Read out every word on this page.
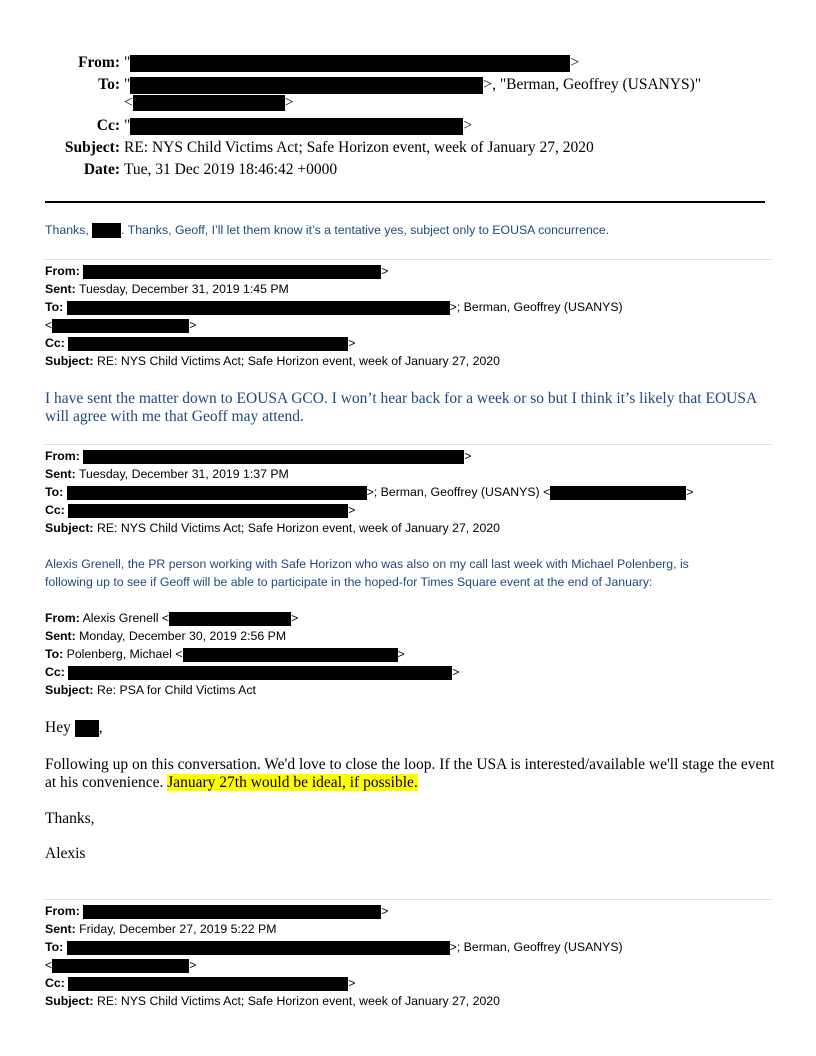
From: "	>
To: "	>, "Berman, Geoffrey (USANYS)"
<	>
Cc: "	>
Subject: RE: NYS Child Victims Act; Safe Horizon event, week of January 27, 2020
Date: Tue, 31 Dec 2019 18:46:42 +0000
Thanks,	. Thanks, Geoff, I’ll let them know it’s a tentative yes, subject only to EOUSA concurrence.
From:	>
Sent: Tuesday, December 31, 2019 1:45 PM
To:	>; Berman, Geoffrey (USANYS)
<	>
Cc:	>
Subject: RE: NYS Child Victims Act; Safe Horizon event, week of January 27, 2020
I have sent the matter down to EOUSA GCO. I won’t hear back for a week or so but I think it’s likely that EOUSA will agree with me that Geoff may attend.
From:	>
Sent: Tuesday, December 31, 2019 1:37 PM
To:	>; Berman, Geoffrey (USANYS) <	>
Cc:	>
Subject: RE: NYS Child Victims Act; Safe Horizon event, week of January 27, 2020
Alexis Grenell, the PR person working with Safe Horizon who was also on my call last week with Michael Polenberg, is
following up to see if Geoff will be able to participate in the hoped-for Times Square event at the end of January:
From: Alexis Grenell <	>
Sent: Monday, December 30, 2019 2:56 PM
To: Polenberg, Michael <	>
Cc:	>
Subject: Re: PSA for Child Victims Act
Hey ,
Following up on this conversation. We'd love to close the loop. If the USA is interested/available we'll stage the event at his convenience. January 27th would be ideal, if possible.
Thanks,
Alexis
From:	>
Sent: Friday, December 27, 2019 5:22 PM
To:	>; Berman, Geoffrey (USANYS)
<	>
Cc:	>
Subject: RE: NYS Child Victims Act; Safe Horizon event, week of January 27, 2020
